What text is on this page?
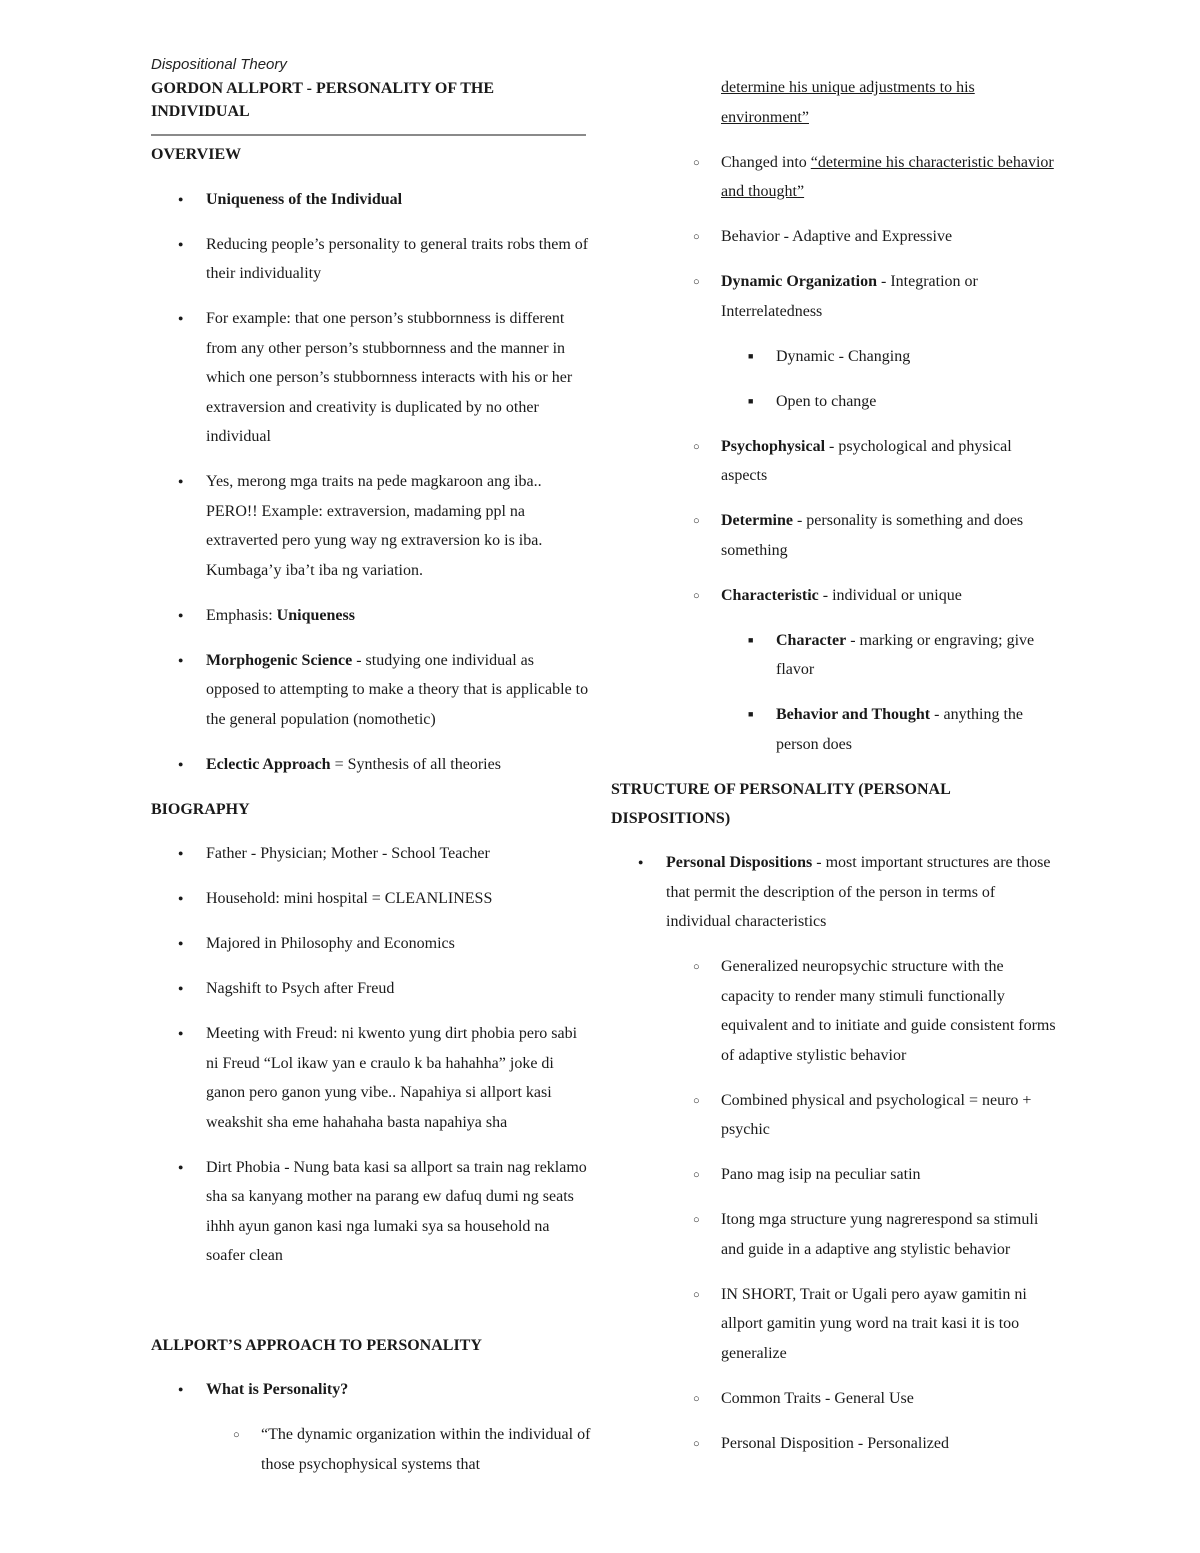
Dispositional Theory
GORDON ALLPORT - PERSONALITY OF THE INDIVIDUAL

OVERVIEW

●
Uniqueness of the Individual
●
Reducing people’s personality to general traits robs them of their individuality
●
For example: that one person’s stubbornness is different from any other person’s stubbornness and the manner in which one person’s stubbornness interacts with his or her extraversion and creativity is duplicated by no other individual
●
Yes, merong mga traits na pede magkaroon ang iba.. PERO!! Example: extraversion, madaming ppl na extraverted pero yung way ng extraversion ko is iba. Kumbaga’y iba’t iba ng variation.
●
Emphasis: Uniqueness
●
Morphogenic Science - studying one individual as opposed to attempting to make a theory that is applicable to the general population (nomothetic)
●
Eclectic Approach = Synthesis of all theories

BIOGRAPHY

●
Father - Physician; Mother - School Teacher
●
Household: mini hospital = CLEANLINESS
●
Majored in Philosophy and Economics
●
Nagshift to Psych after Freud
●
Meeting with Freud: ni kwento yung dirt phobia pero sabi ni Freud “Lol ikaw yan e craulo k ba hahahha” joke di ganon pero ganon yung vibe.. Napahiya si allport kasi weakshit sha eme hahahaha basta napahiya sha
●
Dirt Phobia - Nung bata kasi sa allport sa train nag reklamo sha sa kanyang mother na parang ew dafuq dumi ng seats ihhh ayun ganon kasi nga lumaki sya sa household na soafer clean

ALLPORT’S APPROACH TO PERSONALITY

●
What is Personality?
○
“The dynamic organization within the individual of those psychophysical systems that
determine his unique adjustments to his environment”
○
Changed into “determine his characteristic behavior and thought”
○
Behavior - Adaptive and Expressive
○
Dynamic Organization - Integration or Interrelatedness
■
Dynamic - Changing
■
Open to change
○
Psychophysical - psychological and physical aspects
○
Determine - personality is something and does something
○
Characteristic - individual or unique
■
Character - marking or engraving; give flavor
■
Behavior and Thought - anything the person does

STRUCTURE OF PERSONALITY (PERSONAL DISPOSITIONS)

●
Personal Dispositions - most important structures are those that permit the description of the person in terms of individual characteristics
○
Generalized neuropsychic structure with the capacity to render many stimuli functionally equivalent and to initiate and guide consistent forms of adaptive stylistic behavior
○
Combined physical and psychological = neuro + psychic
○
Pano mag isip na peculiar satin
○
Itong mga structure yung nagrerespond sa stimuli and guide in a adaptive ang stylistic behavior
○
IN SHORT, Trait or Ugali pero ayaw gamitin ni allport gamitin yung word na trait kasi it is too generalize
○
Common Traits - General Use
○
Personal Disposition - Personalized
